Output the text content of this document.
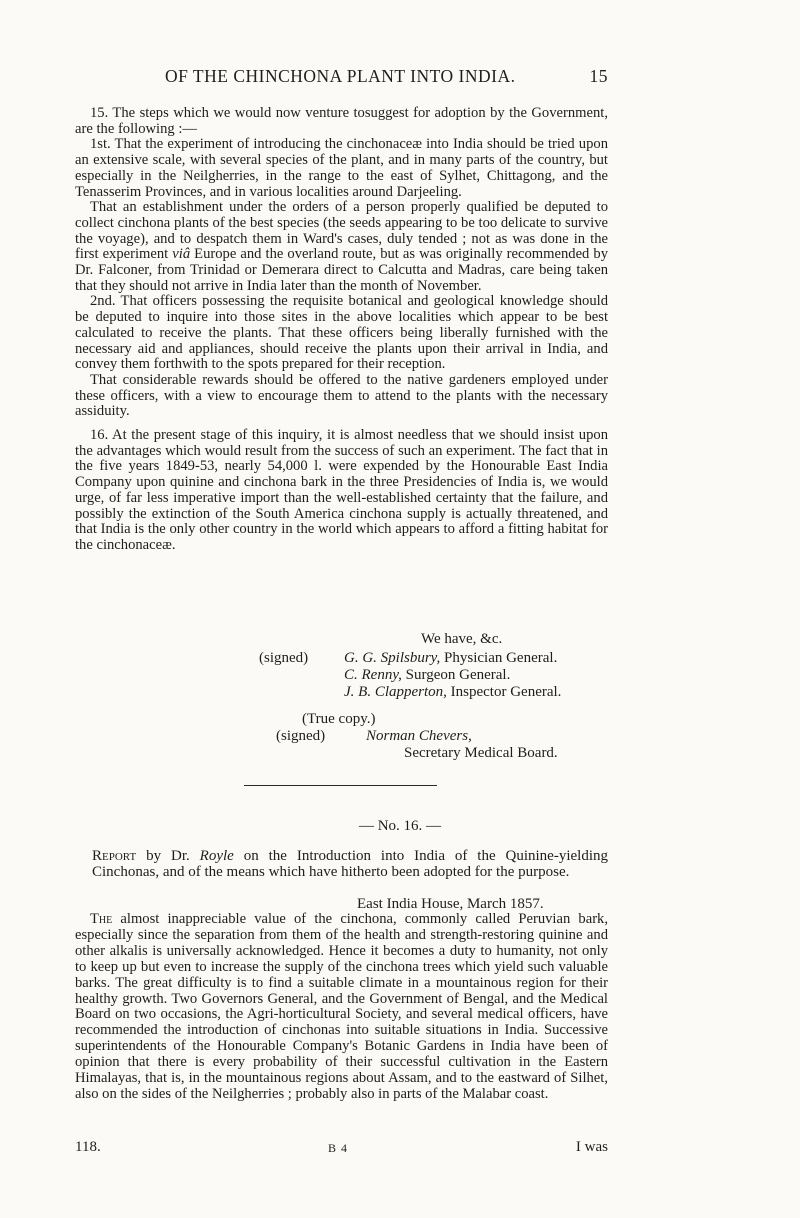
OF THE CHINCHONA PLANT INTO INDIA.	15

15. The steps which we would now venture tosuggest for adoption by the Government, are the following :—

1st. That the experiment of introducing the cinchonaceæ into India should be tried upon an extensive scale, with several species of the plant, and in many parts of the country, but especially in the Neilgherries, in the range to the east of Sylhet, Chittagong, and the Tenasserim Provinces, and in various localities around Darjeeling.

That an establishment under the orders of a person properly qualified be deputed to collect cinchona plants of the best species (the seeds appearing to be too delicate to survive the voyage), and to despatch them in Ward's cases, duly tended ; not as was done in the first experiment viâ Europe and the overland route, but as was originally recommended by Dr. Falconer, from Trinidad or Demerara direct to Calcutta and Madras, care being taken that they should not arrive in India later than the month of November.

2nd. That officers possessing the requisite botanical and geological knowledge should be deputed to inquire into those sites in the above localities which appear to be best calculated to receive the plants. That these officers being liberally furnished with the necessary aid and appliances, should receive the plants upon their arrival in India, and convey them forthwith to the spots prepared for their reception.

That considerable rewards should be offered to the native gardeners employed under these officers, with a view to encourage them to attend to the plants with the necessary assiduity.

16. At the present stage of this inquiry, it is almost needless that we should insist upon the advantages which would result from the success of such an experiment. The fact that in the five years 1849-53, nearly 54,000 l. were expended by the Honourable East India Company upon quinine and cinchona bark in the three Presidencies of India is, we would urge, of far less imperative import than the well-established certainty that the failure, and possibly the extinction of the South America cinchona supply is actually threatened, and that India is the only other country in the world which appears to afford a fitting habitat for the cinchonaceæ.

We have, &c.
(signed) G. G. Spilsbury, Physician General.
C. Renny, Surgeon General.
J. B. Clapperton, Inspector General.
(True copy.)
(signed)	Norman Chevers,
Secretary Medical Board.
— No. 16. —
Report by Dr. Royle on the Introduction into India of the Quinine-yielding Cinchonas, and of the means which have hitherto been adopted for the purpose.
East India House, March 1857.

The almost inappreciable value of the cinchona, commonly called Peruvian bark, especially since the separation from them of the health and strength-restoring quinine and other alkalis is universally acknowledged. Hence it becomes a duty to humanity, not only to keep up but even to increase the supply of the cinchona trees which yield such valuable barks. The great difficulty is to find a suitable climate in a mountainous region for their healthy growth. Two Governors General, and the Government of Bengal, and the Medical Board on two occasions, the Agri-horticultural Society, and several medical officers, have recommended the introduction of cinchonas into suitable situations in India. Successive superintendents of the Honourable Company's Botanic Gardens in India have been of opinion that there is every probability of their successful cultivation in the Eastern Himalayas, that is, in the mountainous regions about Assam, and to the eastward of Silhet, also on the sides of the Neilgherries ; probably also in parts of the Malabar coast.

118.	B 4	I was
